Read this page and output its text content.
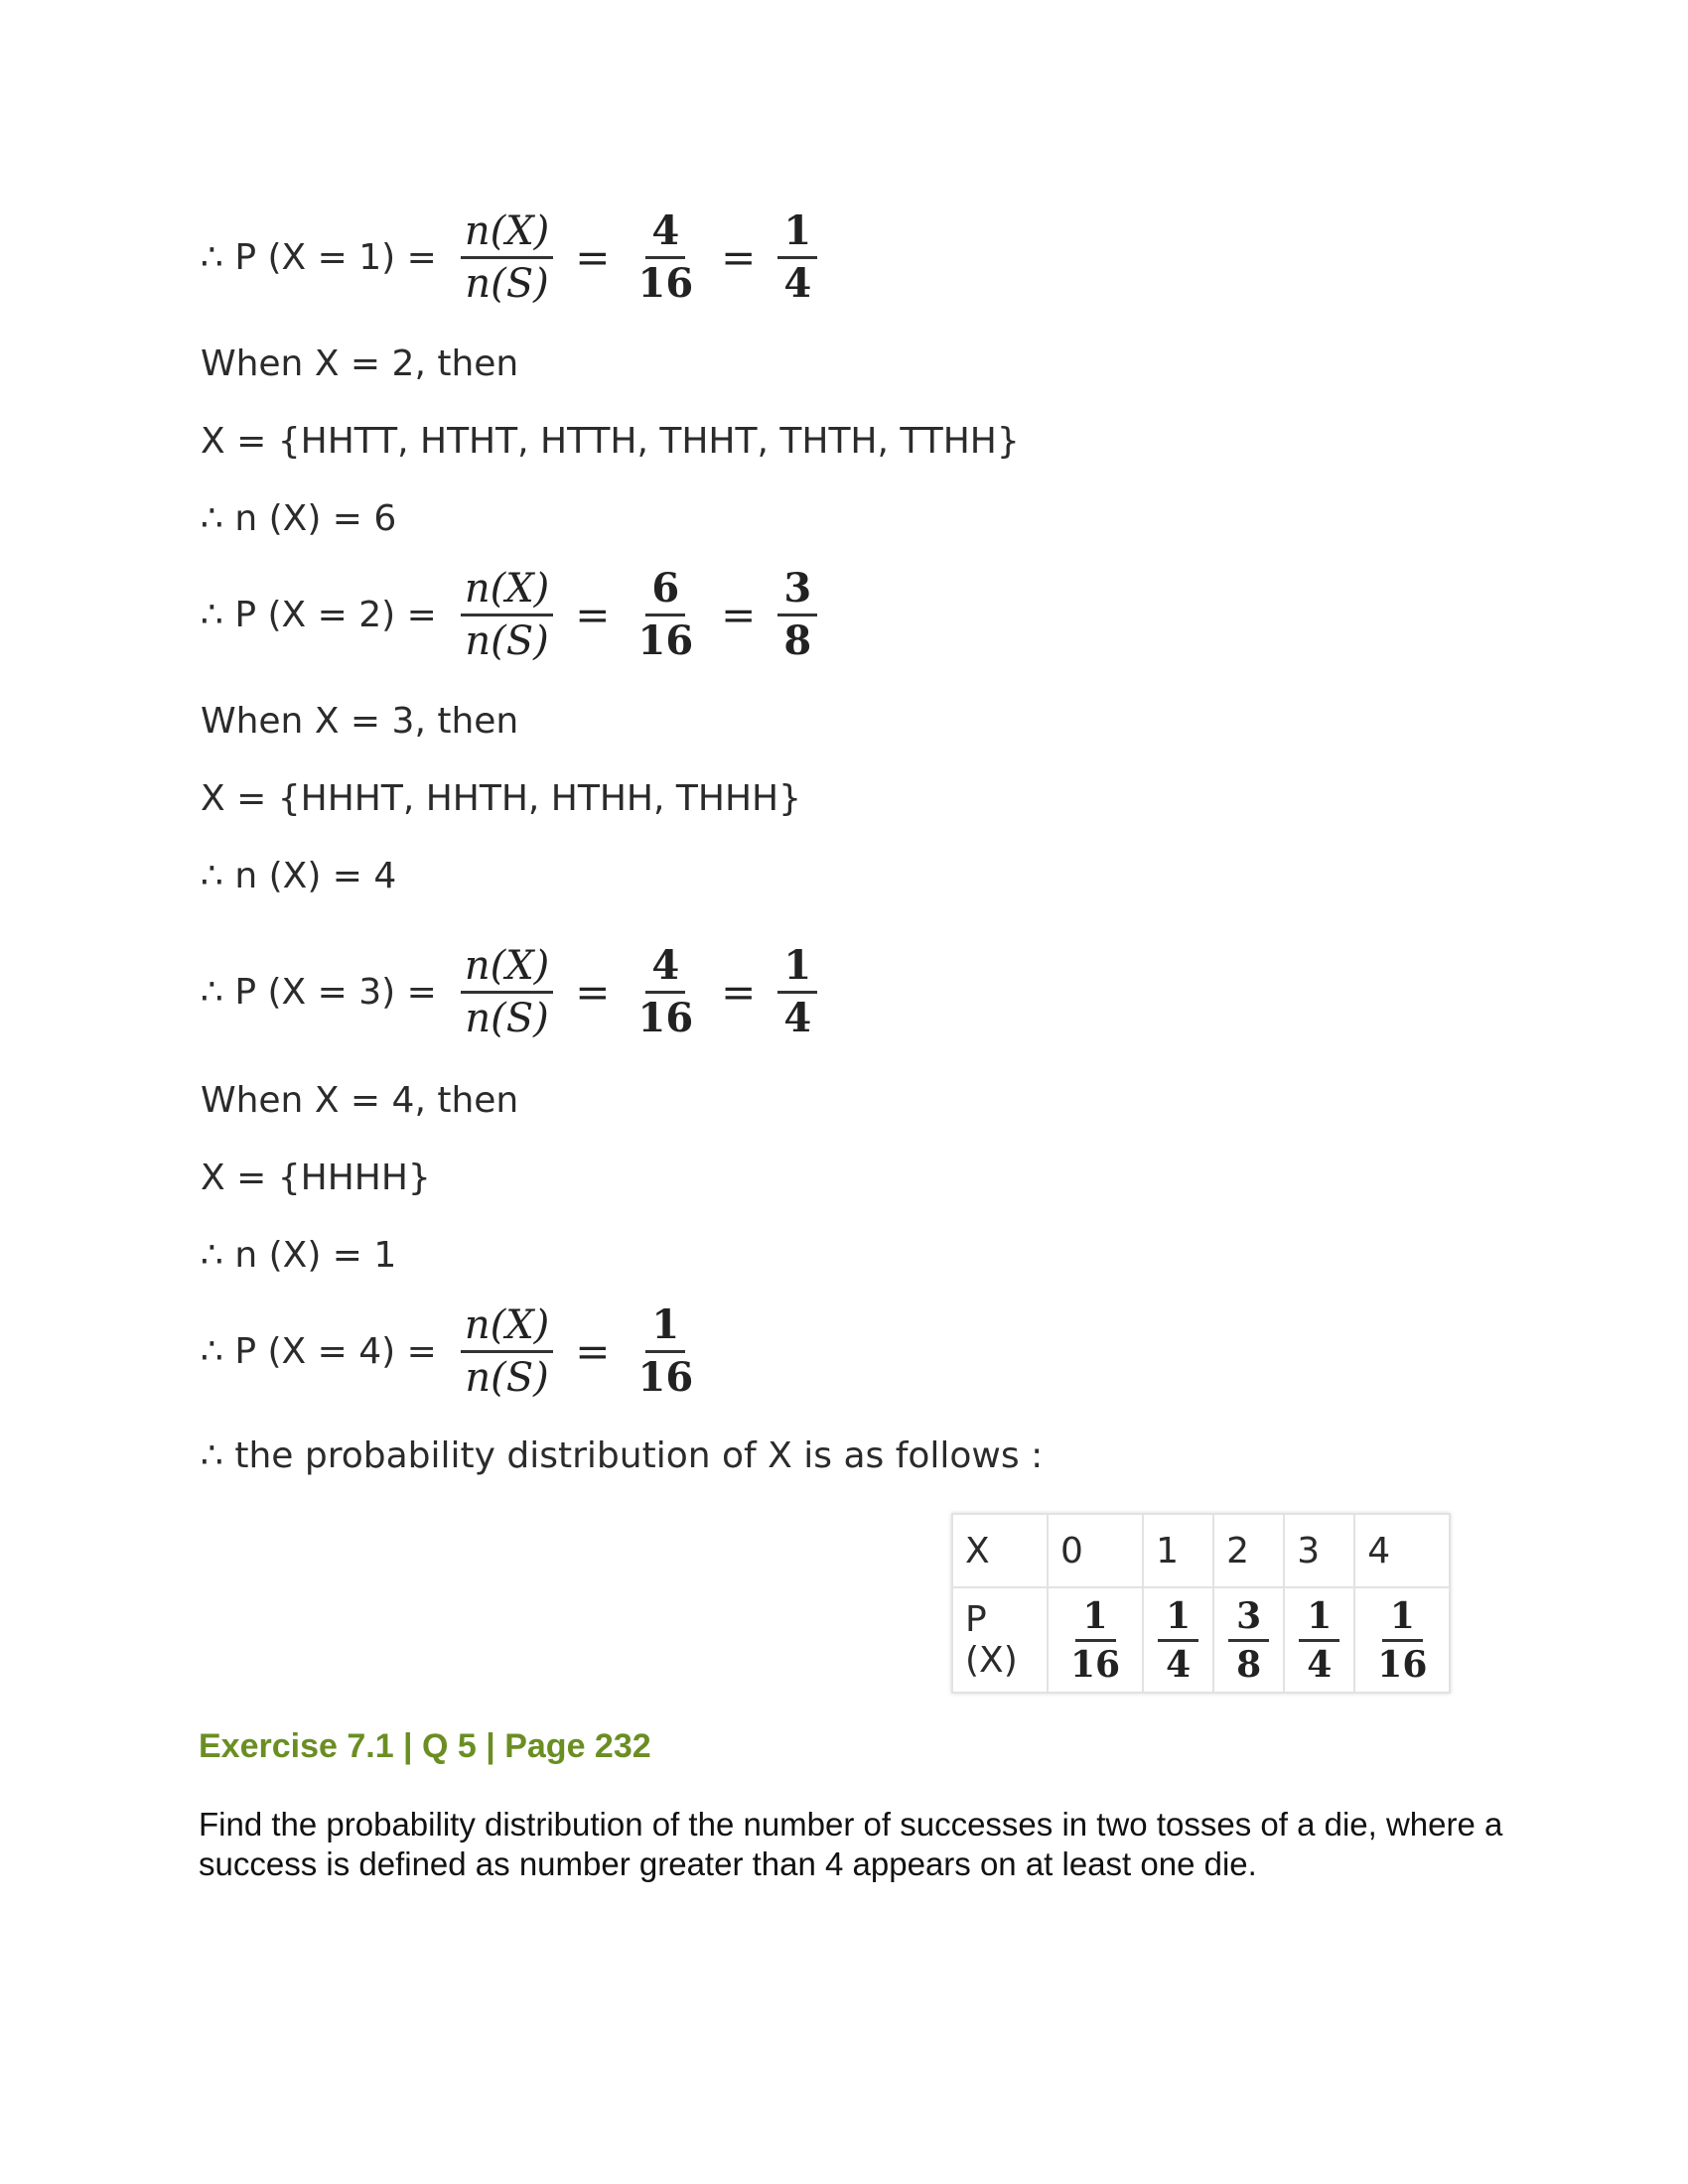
∴ P $(X = 1) = \frac{n(X)}{n(S)} = \frac{4}{16} = \frac{1}{4}$
When X = 2, then
X = {HHTT, HTHT, HTTH, THHT, THTH, TTHH}
∴ n (X) = 6
∴ P $(X = 2) = \frac{n(X)}{n(S)} = \frac{6}{16} = \frac{3}{8}$
When X = 3, then
X = {HHHT, HHTH, HTHH, THHH}
∴ n (X) = 4
∴ P $(X = 3) = \frac{n(X)}{n(S)} = \frac{4}{16} = \frac{1}{4}$
When X = 4, then
X = {HHHH}
∴ n (X) = 1
∴ P $(X = 4) = \frac{n(X)}{n(S)} = \frac{1}{16}$
∴ the probability distribution of X is as follows :
X	0	1	2	3	4
P (X)	$\frac{1}{16}$	$\frac{1}{4}$	$\frac{3}{8}$	$\frac{1}{4}$	$\frac{1}{16}$
Exercise 7.1 | Q 5 | Page 232
Find the probability distribution of the number of successes in two tosses of a die, where a success is defined as number greater than 4 appears on at least one die.
